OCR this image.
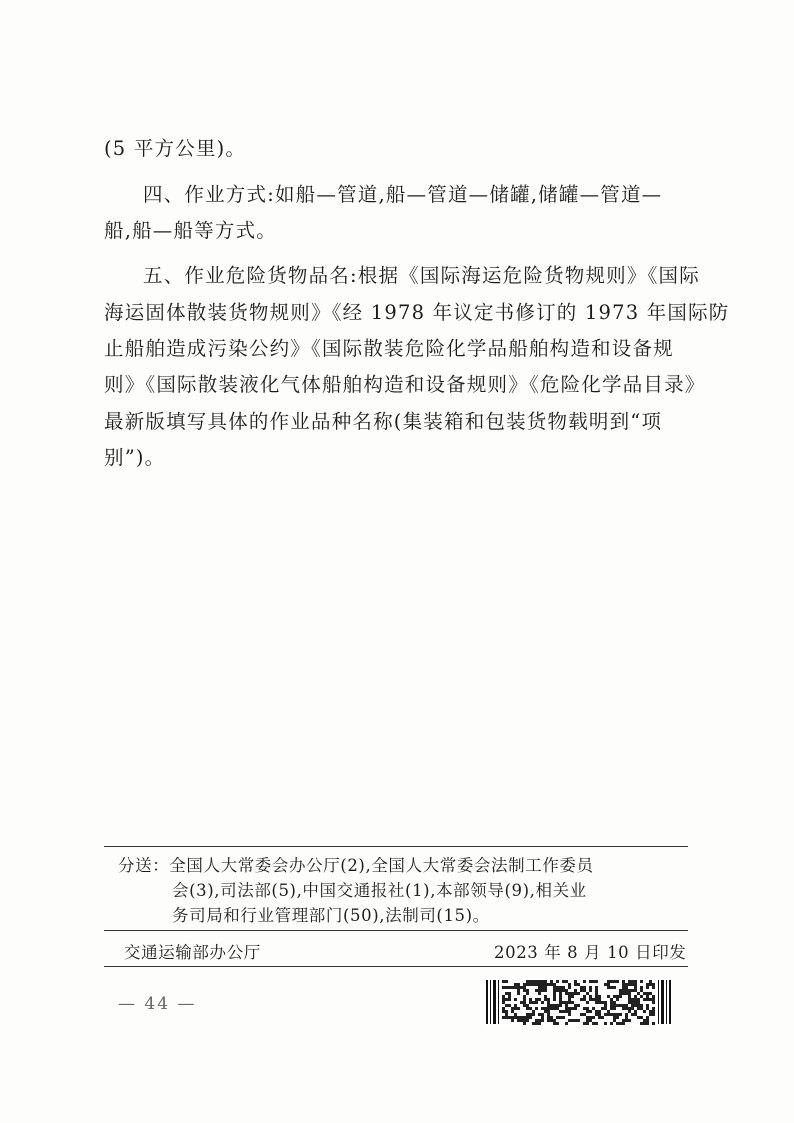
(5 平方公里)。
四、作业方式:如船—管道,船—管道—储罐,储罐—管道—
船,船—船等方式。
五、作业危险货物品名:根据《国际海运危险货物规则》《国际
海运固体散装货物规则》《经 1978 年议定书修订的 1973 年国际防
止船舶造成污染公约》《国际散装危险化学品船舶构造和设备规
则》《国际散装液化气体船舶构造和设备规则》《危险化学品目录》
最新版填写具体的作业品种名称(集装箱和包装货物载明到“项
别”)。
分送：全国人大常委会办公厅(2),全国人大常委会法制工作委员
会(3),司法部(5),中国交通报社(1),本部领导(9),相关业
务司局和行业管理部门(50),法制司(15)。
交通运输部办公厅	2023 年 8 月 10 日印发
— 44 —
